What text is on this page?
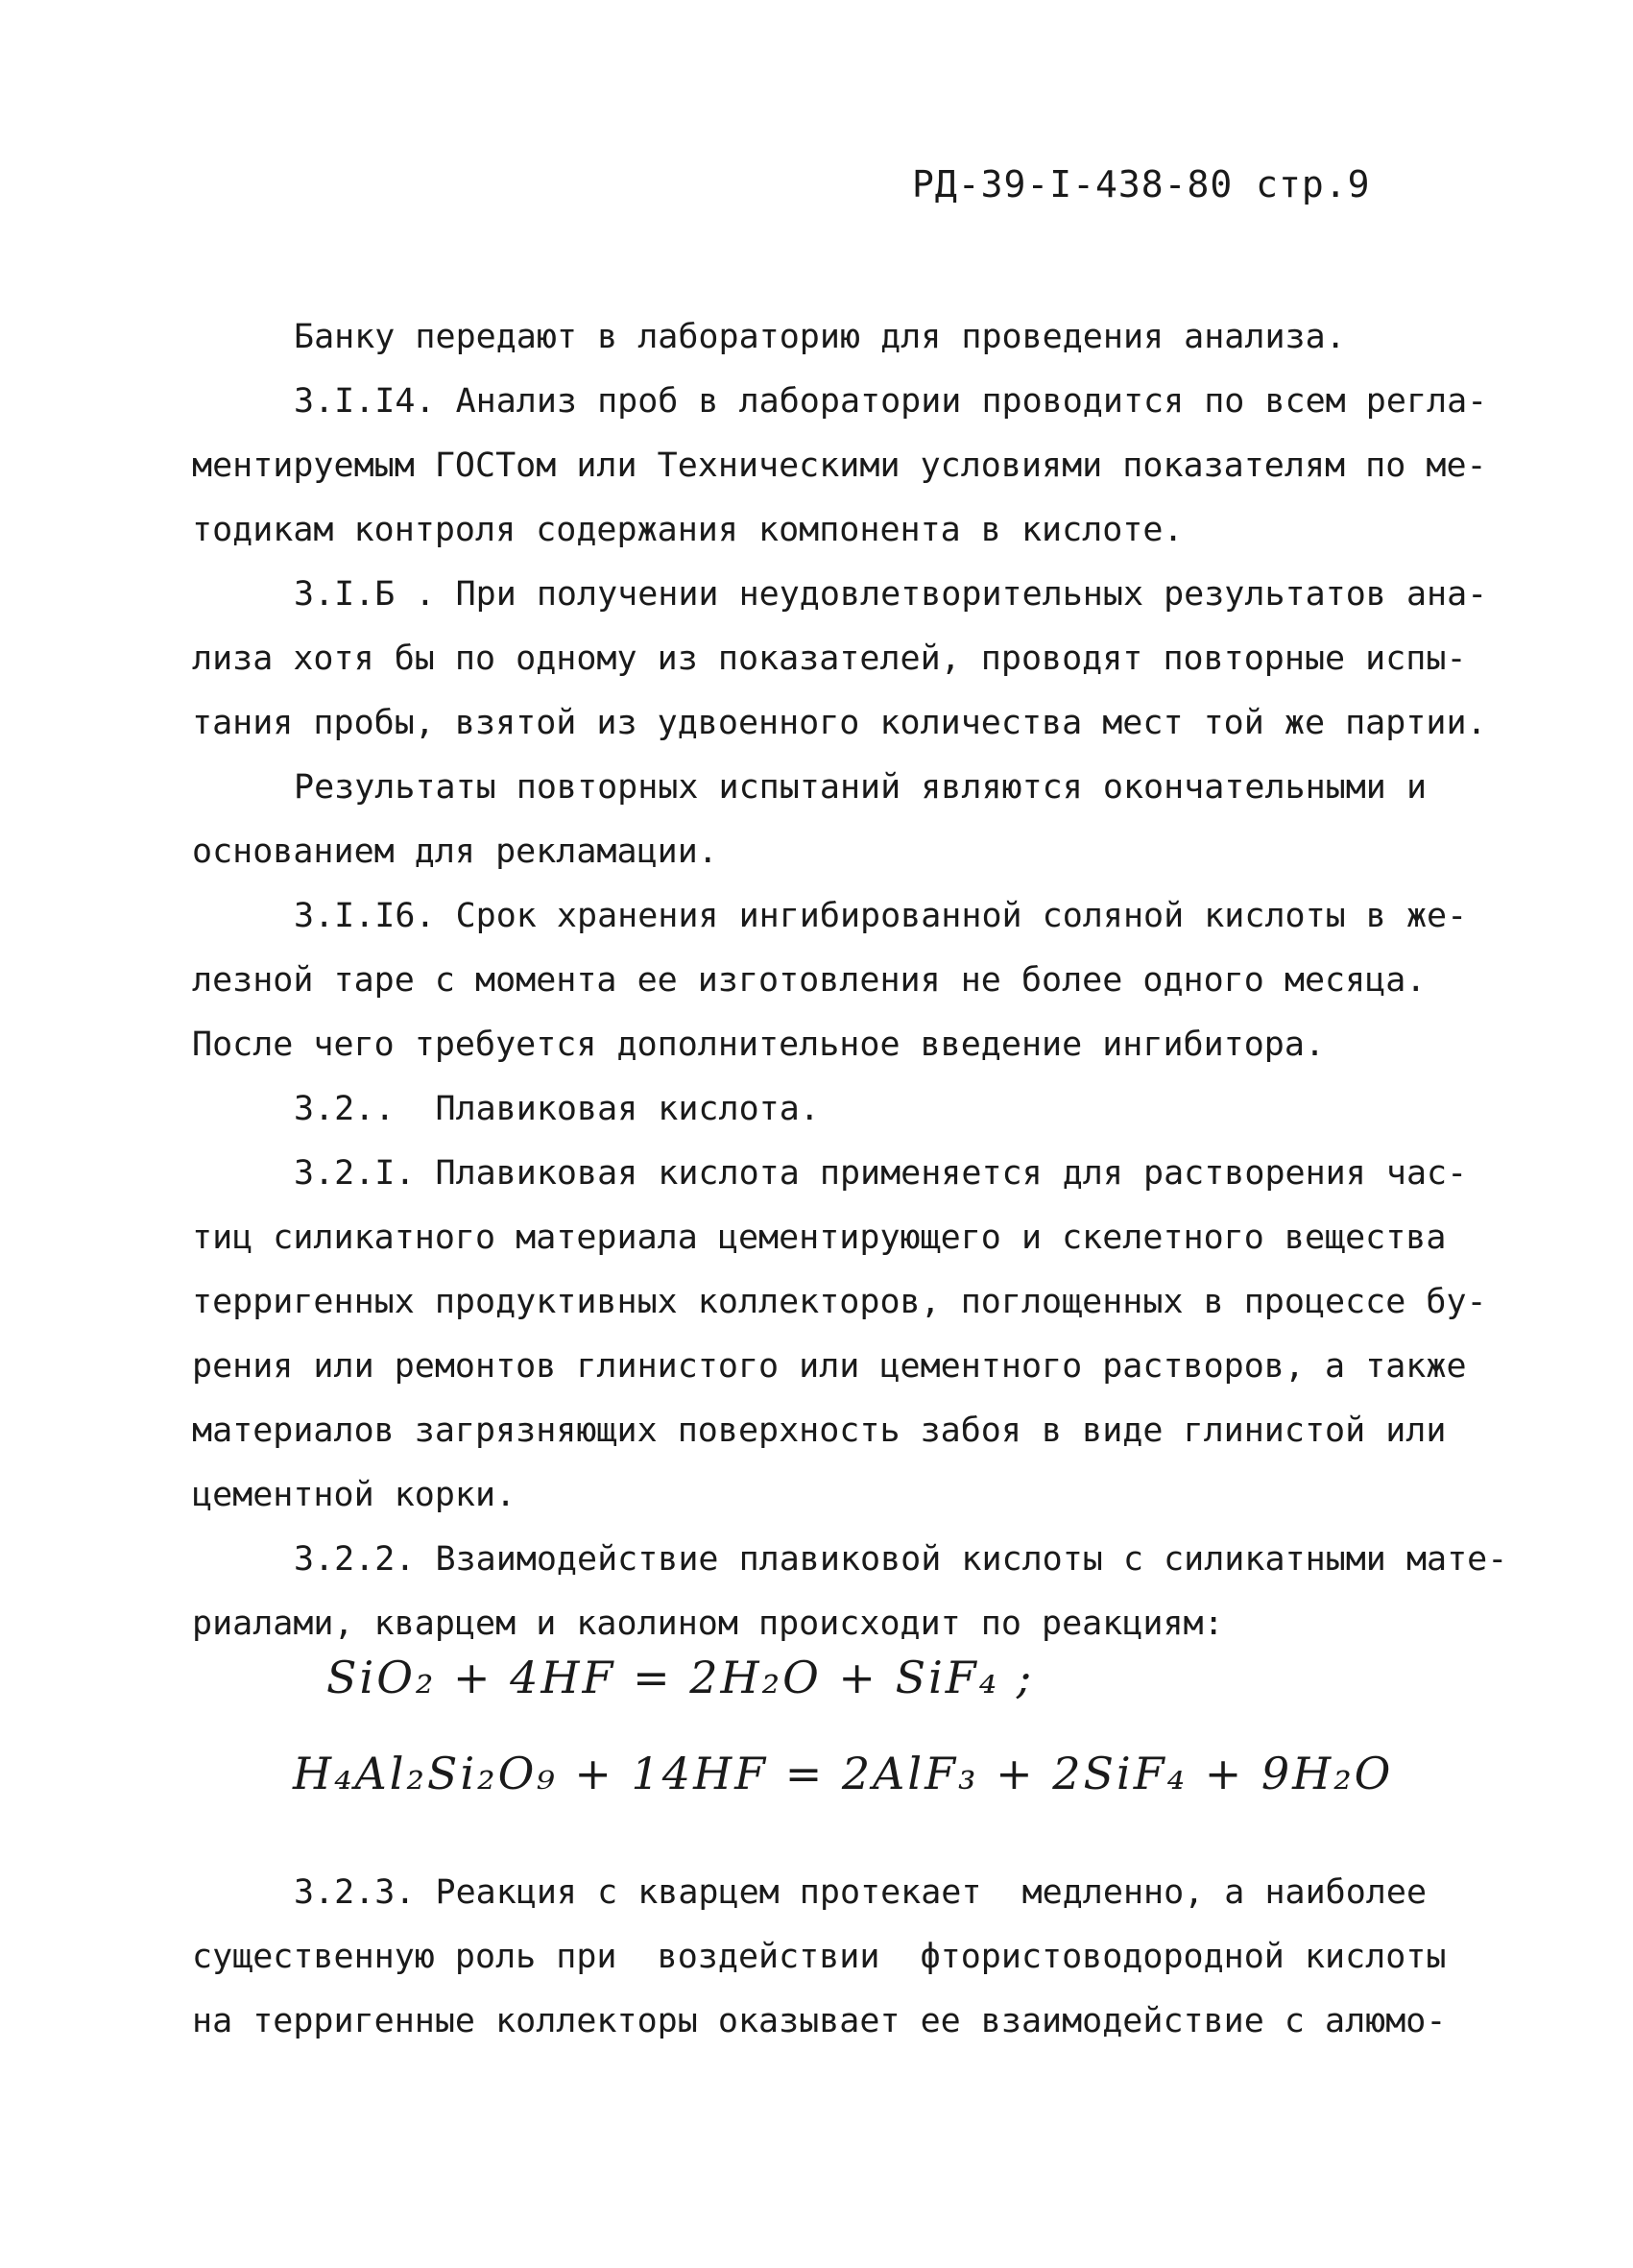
РД-39-I-438-80 стр.9
Банку передают в лабораторию для проведения анализа.
3.I.I4. Анализ проб в лаборатории проводится по всем регла-
ментируемым ГОСТом или Техническими условиями показателям по ме-
тодикам контроля содержания компонента в кислоте.
3.I.Б . При получении неудовлетворительных результатов ана-
лиза хотя бы по одному из показателей, проводят повторные испы-
тания пробы, взятой из удвоенного количества мест той же партии.
Результаты повторных испытаний являются окончательными и
основанием для рекламации.
3.I.I6. Срок хранения ингибированной соляной кислоты в же-
лезной таре с момента ее изготовления не более одного месяца.
После чего требуется дополнительное введение ингибитора.
3.2..  Плавиковая кислота.
3.2.I. Плавиковая кислота применяется для растворения час-
тиц силикатного материала цементирующего и скелетного вещества
терригенных продуктивных коллекторов, поглощенных в процессе бу-
рения или ремонтов глинистого или цементного растворов, а также
материалов загрязняющих поверхность забоя в виде глинистой или
цементной корки.
3.2.2. Взаимодействие плавиковой кислоты с силикатными мате-
риалами, кварцем и каолином происходит по реакциям:
SiO₂ + 4HF = 2H₂O + SiF₄ ;
H₄Al₂Si₂O₉ + 14HF = 2AlF₃ + 2SiF₄ + 9H₂O
3.2.3. Реакция с кварцем протекает  медленно, а наиболее
существенную роль при  воздействии  фтористоводородной кислоты
на терригенные коллекторы оказывает ее взаимодействие с алюмо-
